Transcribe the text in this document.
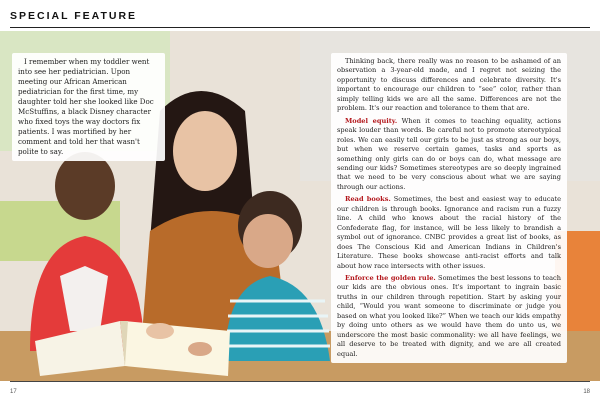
SPECIAL FEATURE
I remember when my toddler went into see her pediatrician. Upon meeting our African American pediatrician for the first time, my daughter told her she looked like Doc McStuffins, a black Disney character who fixed toys the way doctors fix patients. I was mortified by her comment and told her that wasn't polite to say.

Thinking back, there really was no reason to be ashamed of an observation a 3-year-old made, and I regret not seizing the opportunity to discuss differences and celebrate diversity. It's important to encourage our children to “see” color, rather than simply telling kids we are all the same. Differences are not the problem. It's our reaction and tolerance to them that are.

Model equity. When it comes to teaching equality, actions speak louder than words. Be careful not to promote stereotypical roles. We can easily tell our girls to be just as strong as our boys, but when we reserve certain games, tasks and sports as something only girls can do or boys can do, what message are sending our kids? Sometimes stereotypes are so deeply ingrained that we need to be very conscious about what we are saying through our actions.

Read books. Sometimes, the best and easiest way to educate our children is through books. Ignorance and racism run a fuzzy line. A child who knows about the racial history of the Confederate flag, for instance, will be less likely to brandish a symbol out of ignorance. CNBC provides a great list of books, as does The Conscious Kid and American Indians in Children's Literature. These books showcase anti-racist efforts and talk about how race intersects with other issues.

Enforce the golden rule. Sometimes the best lessons to teach our kids are the obvious ones. It's important to ingrain basic truths in our children through repetition. Start by asking your child, “Would you want someone to discriminate or judge you based on what you looked like?” When we teach our kids empathy by doing unto others as we would have them do unto us, we underscore the most basic commonality: we all have feelings, we all deserve to be treated with dignity, and we are all created equal.

17	18
